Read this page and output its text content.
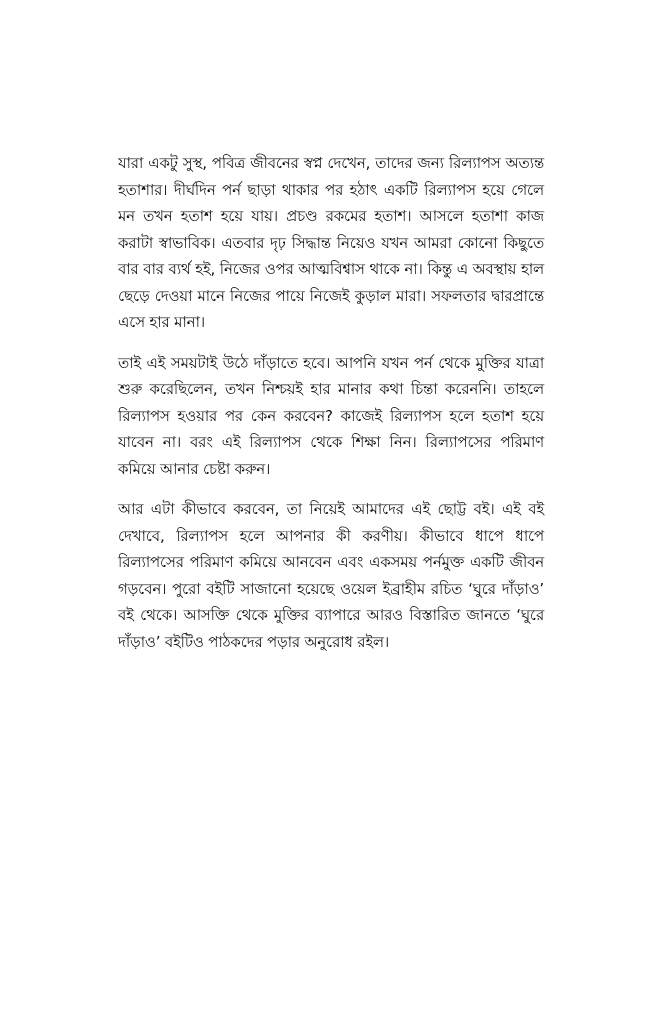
যারা একটু সুস্থ, পবিত্র জীবনের স্বপ্ন দেখেন, তাদের জন্য রিল্যাপস অত্যন্ত হতাশার। দীর্ঘদিন পর্ন ছাড়া থাকার পর হঠাৎ একটি রিল্যাপস হয়ে গেলে মন তখন হতাশ হয়ে যায়। প্রচণ্ড রকমের হতাশ। আসলে হতাশা কাজ করাটা স্বাভাবিক। এতবার দৃঢ় সিদ্ধান্ত নিয়েও যখন আমরা কোনো কিছুতে বার বার ব্যর্থ হই, নিজের ওপর আত্মবিশ্বাস থাকে না। কিন্তু এ অবস্থায় হাল ছেড়ে দেওয়া মানে নিজের পায়ে নিজেই কুড়াল মারা। সফলতার দ্বারপ্রান্তে এসে হার মানা।

তাই এই সময়টাই উঠে দাঁড়াতে হবে। আপনি যখন পর্ন থেকে মুক্তির যাত্রা শুরু করেছিলেন, তখন নিশ্চয়ই হার মানার কথা চিন্তা করেননি। তাহলে রিল্যাপস হওয়ার পর কেন করবেন? কাজেই রিল্যাপস হলে হতাশ হয়ে যাবেন না। বরং এই রিল্যাপস থেকে শিক্ষা নিন। রিল্যাপসের পরিমাণ কমিয়ে আনার চেষ্টা করুন।

আর এটা কীভাবে করবেন, তা নিয়েই আমাদের এই ছোট্ট বই। এই বই দেখাবে, রিল্যাপস হলে আপনার কী করণীয়। কীভাবে ধাপে ধাপে রিল্যাপসের পরিমাণ কমিয়ে আনবেন এবং একসময় পর্নমুক্ত একটি জীবন গড়বেন। পুরো বইটি সাজানো হয়েছে ওয়েল ইব্রাহীম রচিত ‘ঘুরে দাঁড়াও’ বই থেকে। আসক্তি থেকে মুক্তির ব্যাপারে আরও বিস্তারিত জানতে ‘ঘুরে দাঁড়াও’ বইটিও পাঠকদের পড়ার অনুরোধ রইল।
